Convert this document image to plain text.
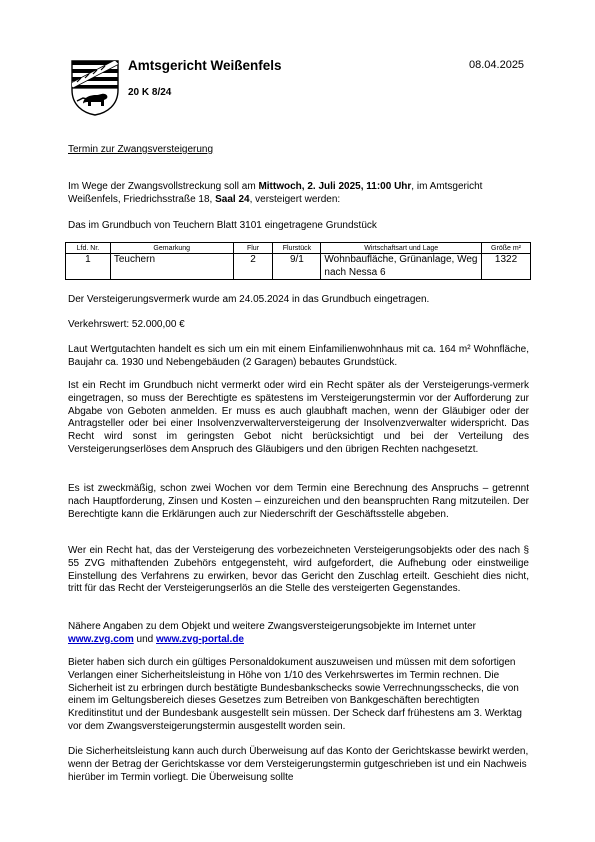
Amtsgericht Weißenfels	08.04.2025
20 K 8/24
Termin zur Zwangsversteigerung
Im Wege der Zwangsvollstreckung soll am Mittwoch, 2. Juli 2025, 11:00 Uhr, im Amtsgericht Weißenfels, Friedrichsstraße 18, Saal 24, versteigert werden:
Das im Grundbuch von Teuchern Blatt 3101 eingetragene Grundstück
Lfd. Nr.	Gemarkung	Flur	Flurstück	Wirtschaftsart und Lage	Größe m²
1	Teuchern	2	9/1	Wohnbaufläche, Grünanlage, Weg nach Nessa 6	1322
Der Versteigerungsvermerk wurde am 24.05.2024 in das Grundbuch eingetragen.
Verkehrswert: 52.000,00 €
Laut Wertgutachten handelt es sich um ein mit einem Einfamilienwohnhaus mit ca. 164 m² Wohnfläche, Baujahr ca. 1930 und Nebengebäuden (2 Garagen) bebautes Grundstück.
Ist ein Recht im Grundbuch nicht vermerkt oder wird ein Recht später als der Versteigerungs-vermerk eingetragen, so muss der Berechtigte es spätestens im Versteigerungstermin vor der Aufforderung zur Abgabe von Geboten anmelden. Er muss es auch glaubhaft machen, wenn der Gläubiger oder der Antragsteller oder bei einer Insolvenzverwalterversteigerung der Insolvenzverwalter widerspricht. Das Recht wird sonst im geringsten Gebot nicht berücksichtigt und bei der Verteilung des Versteigerungserlöses dem Anspruch des Gläubigers und den übrigen Rechten nachgesetzt.
Es ist zweckmäßig, schon zwei Wochen vor dem Termin eine Berechnung des Anspruchs – getrennt nach Hauptforderung, Zinsen und Kosten – einzureichen und den beanspruchten Rang mitzuteilen. Der Berechtigte kann die Erklärungen auch zur Niederschrift der Geschäftsstelle abgeben.
Wer ein Recht hat, das der Versteigerung des vorbezeichneten Versteigerungsobjekts oder des nach § 55 ZVG mithaftenden Zubehörs entgegensteht, wird aufgefordert, die Aufhebung oder einstweilige Einstellung des Verfahrens zu erwirken, bevor das Gericht den Zuschlag erteilt. Geschieht dies nicht, tritt für das Recht der Versteigerungserlös an die Stelle des versteigerten Gegenstandes.
Nähere Angaben zu dem Objekt und weitere Zwangsversteigerungsobjekte im Internet unter www.zvg.com und www.zvg-portal.de
Bieter haben sich durch ein gültiges Personaldokument auszuweisen und müssen mit dem sofortigen Verlangen einer Sicherheitsleistung in Höhe von 1/10 des Verkehrswertes im Termin rechnen. Die Sicherheit ist zu erbringen durch bestätigte Bundesbankschecks sowie Verrechnungsschecks, die von einem im Geltungsbereich dieses Gesetzes zum Betreiben von Bankgeschäften berechtigten Kreditinstitut und der Bundesbank ausgestellt sein müssen. Der Scheck darf frühestens am 3. Werktag vor dem Zwangsversteigerungstermin ausgestellt worden sein.
Die Sicherheitsleistung kann auch durch Überweisung auf das Konto der Gerichtskasse bewirkt werden, wenn der Betrag der Gerichtskasse vor dem Versteigerungstermin gutgeschrieben ist und ein Nachweis hierüber im Termin vorliegt. Die Überweisung sollte
